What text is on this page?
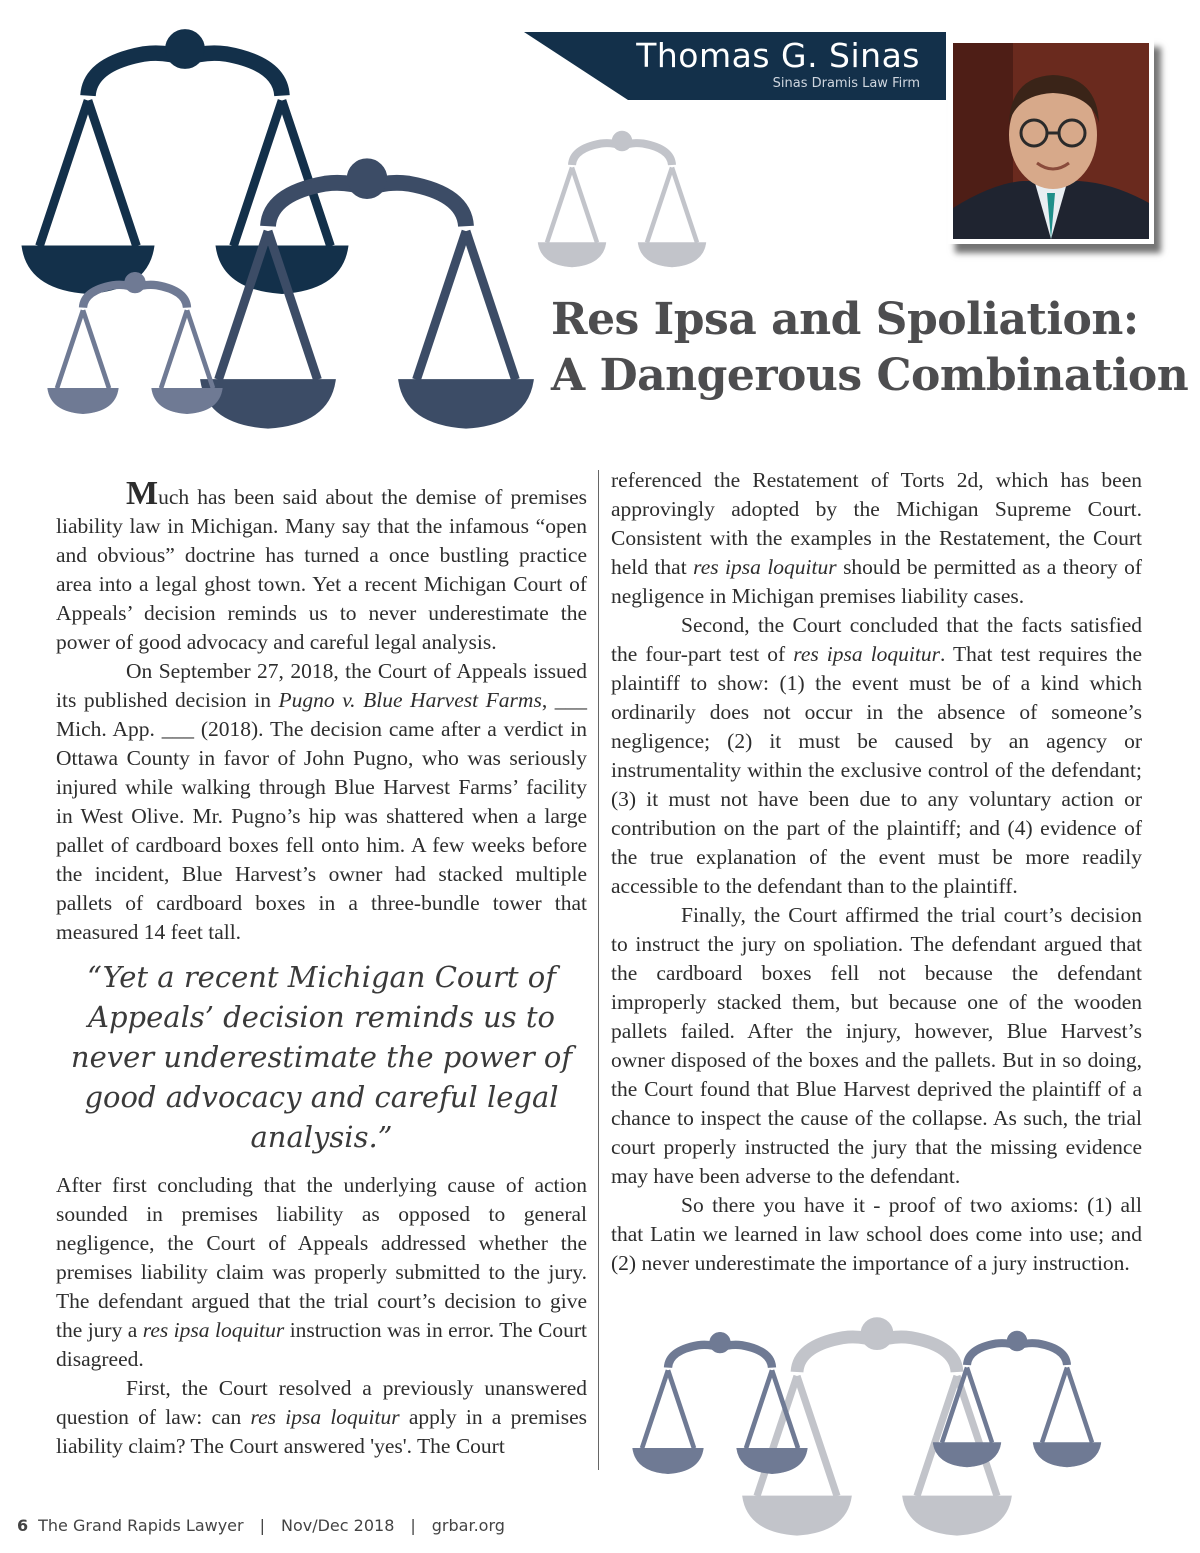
Thomas G. Sinas
Sinas Dramis Law Firm
Res Ipsa and Spoliation:
A Dangerous Combination

Much has been said about the demise of premises liability law in Michigan. Many say that the infamous “open and obvious” doctrine has turned a once bustling practice area into a legal ghost town. Yet a recent Michigan Court of Appeals’ decision reminds us to never underestimate the power of good advocacy and careful legal analysis.

On September 27, 2018, the Court of Appeals issued its published decision in Pugno v. Blue Harvest Farms, ___ Mich. App. ___ (2018). The decision came after a verdict in Ottawa County in favor of John Pugno, who was seriously injured while walking through Blue Harvest Farms’ facility in West Olive. Mr. Pugno’s hip was shattered when a large pallet of cardboard boxes fell onto him. A few weeks before the incident, Blue Harvest’s owner had stacked multiple pallets of cardboard boxes in a three-bundle tower that measured 14 feet tall.

“Yet a recent Michigan Court of Appeals’ decision reminds us to never underestimate the power of good advocacy and careful legal analysis.”

After first concluding that the underlying cause of action sounded in premises liability as opposed to general negligence, the Court of Appeals addressed whether the premises liability claim was properly submitted to the jury. The defendant argued that the trial court’s decision to give the jury a res ipsa loquitur instruction was in error. The Court disagreed.

First, the Court resolved a previously unanswered question of law: can res ipsa loquitur apply in a premises liability claim? The Court answered 'yes'. The Court

referenced the Restatement of Torts 2d, which has been approvingly adopted by the Michigan Supreme Court. Consistent with the examples in the Restatement, the Court held that res ipsa loquitur should be permitted as a theory of negligence in Michigan premises liability cases.

Second, the Court concluded that the facts satisfied the four-part test of res ipsa loquitur. That test requires the plaintiff to show: (1) the event must be of a kind which ordinarily does not occur in the absence of someone’s negligence; (2) it must be caused by an agency or instrumentality within the exclusive control of the defendant; (3) it must not have been due to any voluntary action or contribution on the part of the plaintiff; and (4) evidence of the true explanation of the event must be more readily accessible to the defendant than to the plaintiff.

Finally, the Court affirmed the trial court’s decision to instruct the jury on spoliation. The defendant argued that the cardboard boxes fell not because the defendant improperly stacked them, but because one of the wooden pallets failed. After the injury, however, Blue Harvest’s owner disposed of the boxes and the pallets. But in so doing, the Court found that Blue Harvest deprived the plaintiff of a chance to inspect the cause of the collapse. As such, the trial court properly instructed the jury that the missing evidence may have been adverse to the defendant.

So there you have it - proof of two axioms: (1) all that Latin we learned in law school does come into use; and (2) never underestimate the importance of a jury instruction.

6 The Grand Rapids Lawyer | Nov/Dec 2018 | grbar.org
